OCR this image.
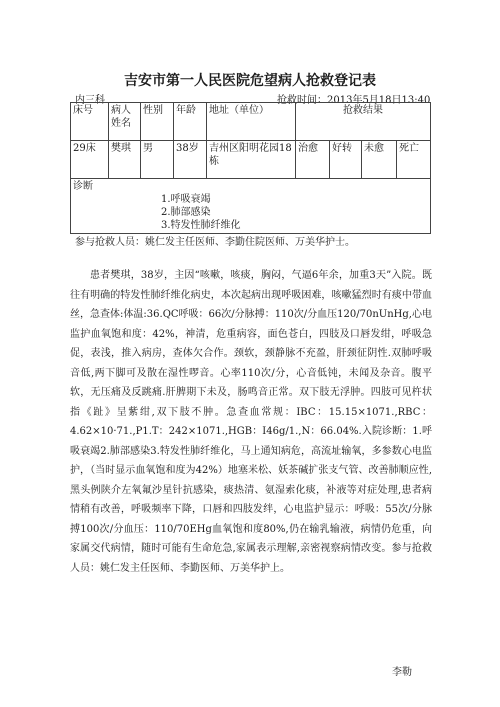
吉安市第一人民医院危望病人抢救登记表
内三科	抢救时间：2013年5月18日13:40
床号	病人姓名	性别	年龄	地址（单位）	抢救结果			
29床	樊琪	男	38岁	吉州区阳明花园18栋	治愈	好转	未愈	死亡
诊断
1.呼吸衰竭
2.肺部感染
3.特发性肺纤维化								
参与抢救人员：姚仁发主任医师、李勤住院医师、万美华护士。

患者樊琪，38岁，主因“咳嗽，咳痰，胸闷，气逼6年余，加重3天”入院。既往有明确的特发性肺纤维化病史，本次起病出现呼吸困难，咳嗽猛烈时有痰中带血丝，急查体:体温:36.QC呼吸：66次/分脉搏：110次/分血压120/70nUnHg,心电监护血氧饱和度：42%，神清，危重病容，面色苍白，四肢及口唇发绀，呼吸急促，表浅，推入病房，查体欠合作。颈软，颈静脉不充盈，肝颈征阴性.双肺呼吸音低,两下脚可及散在湿性啰音。心率110次/分，心音低钝，未闻及杂音。腹平软，无压痛及反跳痛.肝脾期下未及，肠鸣音正常。双下肢无浮肿。四肢可见杵状指《趾》呈紫绀,双下肢不肿。急查血常规：IBC：15.15×1071.,RBC：4.62×10·71.,P1.T：242×1071.,HGB：I46g/1.,N：66.04%.入院诊断：1.呼吸衰竭2.肺部感染3.特发性肺纤维化，马上通知病危，高流址输氧，多参数心电监护，（当时显示血氧饱和度为42%）地塞米松、妖茶碱扩张支气管、改善肺顺应性,黑头例陕介左氧氟沙星针抗感染，痰热清、氨湿索化痰，补液等对症处理,患者病情稍有改善，呼吸频率下降，口唇和四肢发绊，心电监护显示：呼吸：55次/分脉搏100次/分血压：110/70EHg血氧饱和度80%,仍在输乳输液，病情仍危重，向家属交代病情，随时可能有生命危急,家属表示理解,亲密视察病情改变。参与抢救人员：姚仁发主任医师、李勤医师、万美华护上。

李勒
